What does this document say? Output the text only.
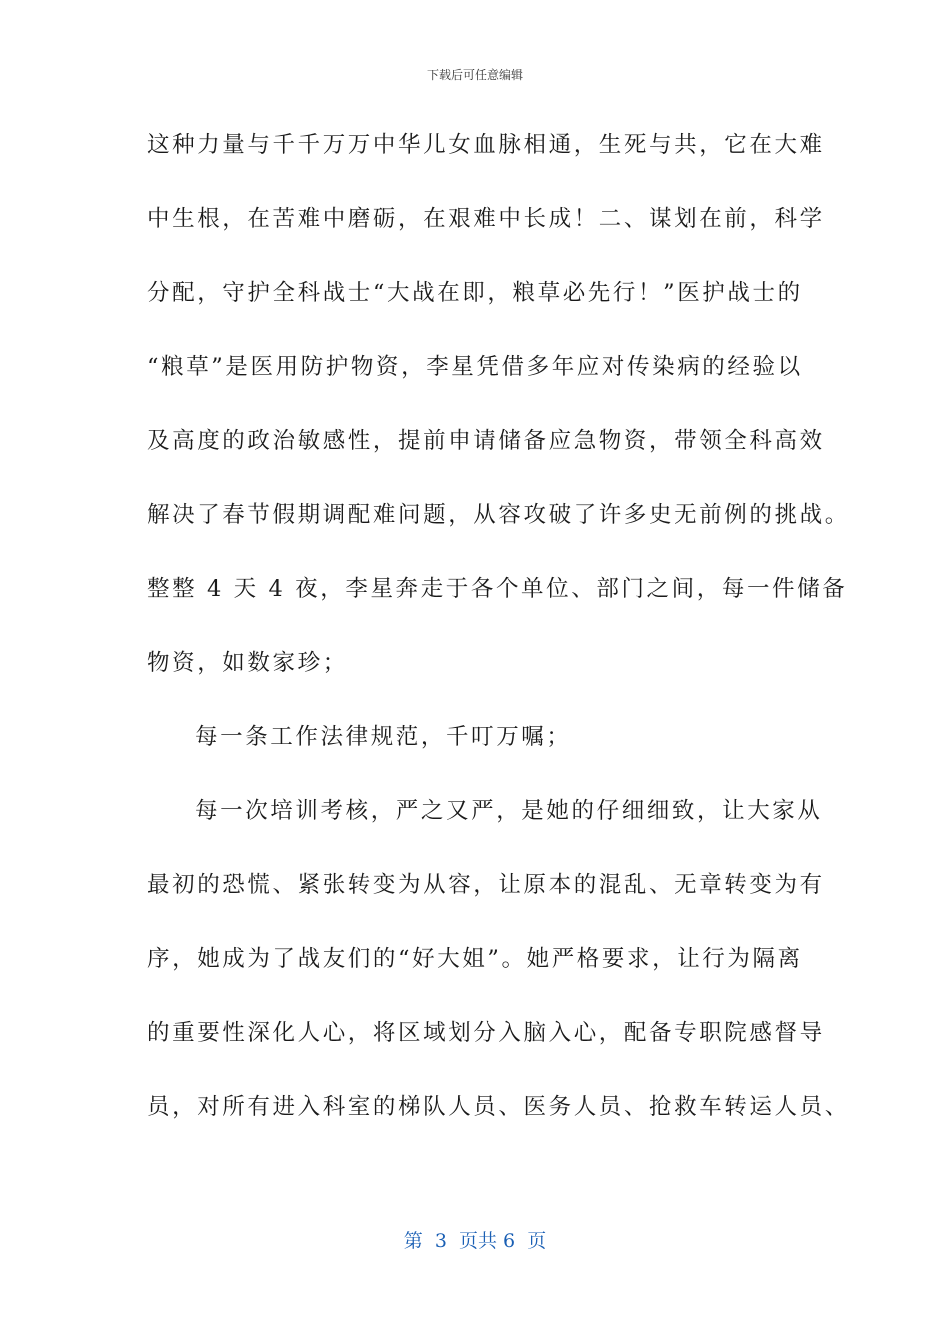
下载后可任意编辑
这种力量与千千万万中华儿女血脉相通，生死与共，它在大难
中生根，在苦难中磨砺，在艰难中长成！二、谋划在前，科学
分配，守护全科战士“大战在即，粮草必先行！”医护战士的
“粮草”是医用防护物资，李星凭借多年应对传染病的经验以
及高度的政治敏感性，提前申请储备应急物资，带领全科高效
解决了春节假期调配难问题，从容攻破了许多史无前例的挑战。
整整 4 天 4 夜，李星奔走于各个单位、部门之间，每一件储备
物资，如数家珍；
每一条工作法律规范，千叮万嘱；
每一次培训考核，严之又严，是她的仔细细致，让大家从
最初的恐慌、紧张转变为从容，让原本的混乱、无章转变为有
序，她成为了战友们的“好大姐”。她严格要求，让行为隔离
的重要性深化人心，将区域划分入脑入心，配备专职院感督导
员，对所有进入科室的梯队人员、医务人员、抢救车转运人员、
第  3  页共 6  页
